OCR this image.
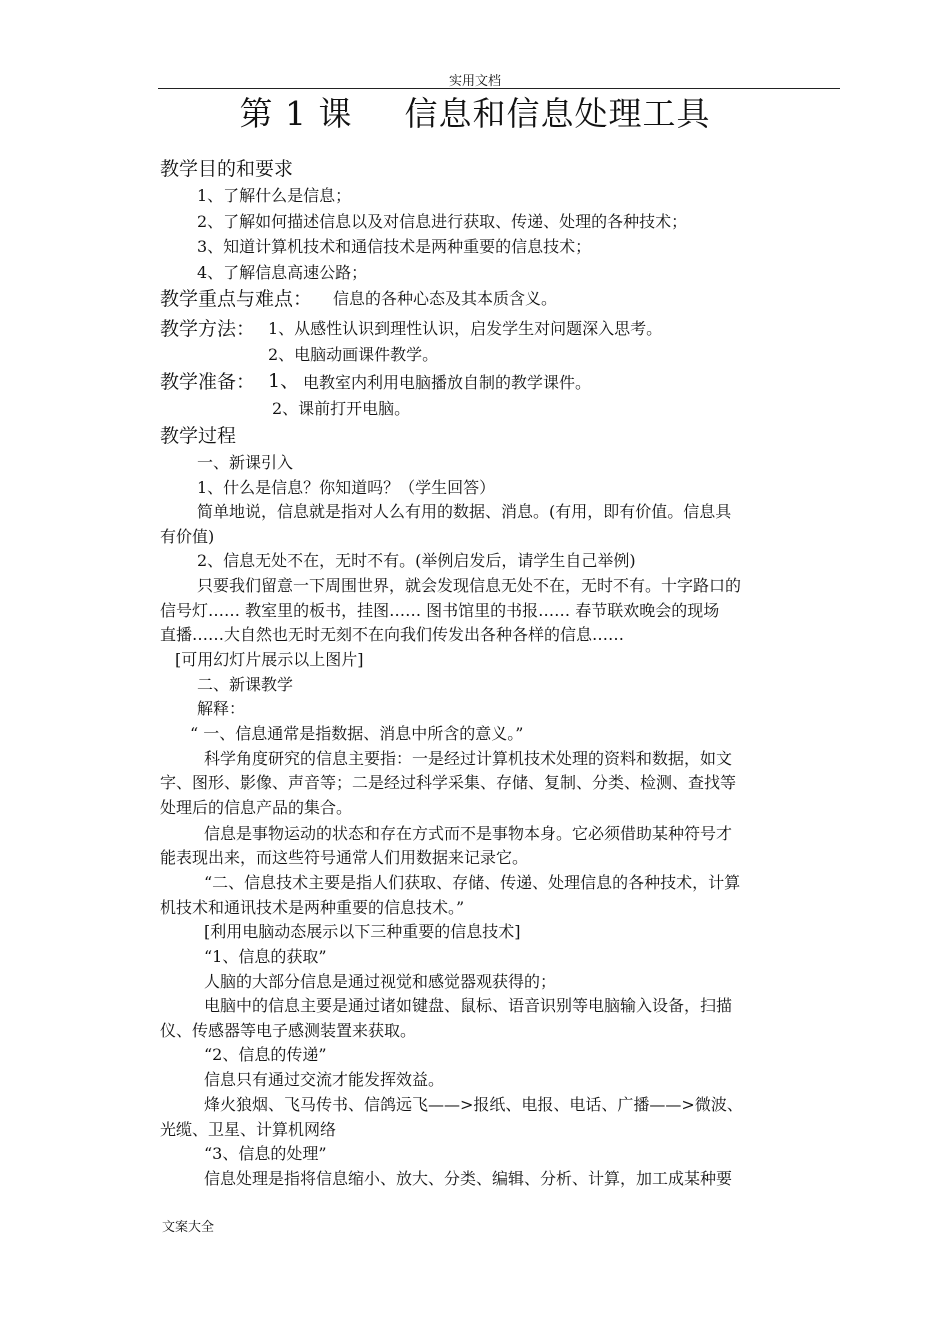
实用文档
第 1 课 信息和信息处理工具
教学目的和要求
1、了解什么是信息；
2、了解如何描述信息以及对信息进行获取、传递、处理的各种技术；
3、知道计算机技术和通信技术是两种重要的信息技术；
4、了解信息高速公路；
教学重点与难点： 信息的各种心态及其本质含义。
教学方法： 1、从感性认识到理性认识，启发学生对问题深入思考。
2、电脑动画课件教学。
教学准备： 1、 电教室内利用电脑播放自制的教学课件。
2、课前打开电脑。
教学过程
一、新课引入
1、什么是信息？你知道吗？（学生回答）
简单地说，信息就是指对人么有用的数据、消息。(有用，即有价值。信息具
有价值)
2、信息无处不在，无时不有。(举例启发后，请学生自己举例)
只要我们留意一下周围世界，就会发现信息无处不在，无时不有。十字路口的
信号灯…… 教室里的板书，挂图…… 图书馆里的书报…… 春节联欢晚会的现场
直播……大自然也无时无刻不在向我们传发出各种各样的信息……
[可用幻灯片展示以上图片]
二、新课教学
解释：
“ 一、信息通常是指数据、消息中所含的意义。”
科学角度研究的信息主要指：一是经过计算机技术处理的资料和数据，如文
字、图形、影像、声音等；二是经过科学采集、存储、复制、分类、检测、查找等
处理后的信息产品的集合。
信息是事物运动的状态和存在方式而不是事物本身。它必须借助某种符号才
能表现出来，而这些符号通常人们用数据来记录它。
“二、信息技术主要是指人们获取、存储、传递、处理信息的各种技术，计算
机技术和通讯技术是两种重要的信息技术。”
[利用电脑动态展示以下三种重要的信息技术]
“1、信息的获取”
人脑的大部分信息是通过视觉和感觉器观获得的；
电脑中的信息主要是通过诸如键盘、鼠标、语音识别等电脑输入设备，扫描
仪、传感器等电子感测装置来获取。
“2、信息的传递”
信息只有通过交流才能发挥效益。
烽火狼烟、飞马传书、信鸽远飞——>报纸、电报、电话、广播——>微波、
光缆、卫星、计算机网络
“3、信息的处理”
信息处理是指将信息缩小、放大、分类、编辑、分析、计算，加工成某种要
文案大全
